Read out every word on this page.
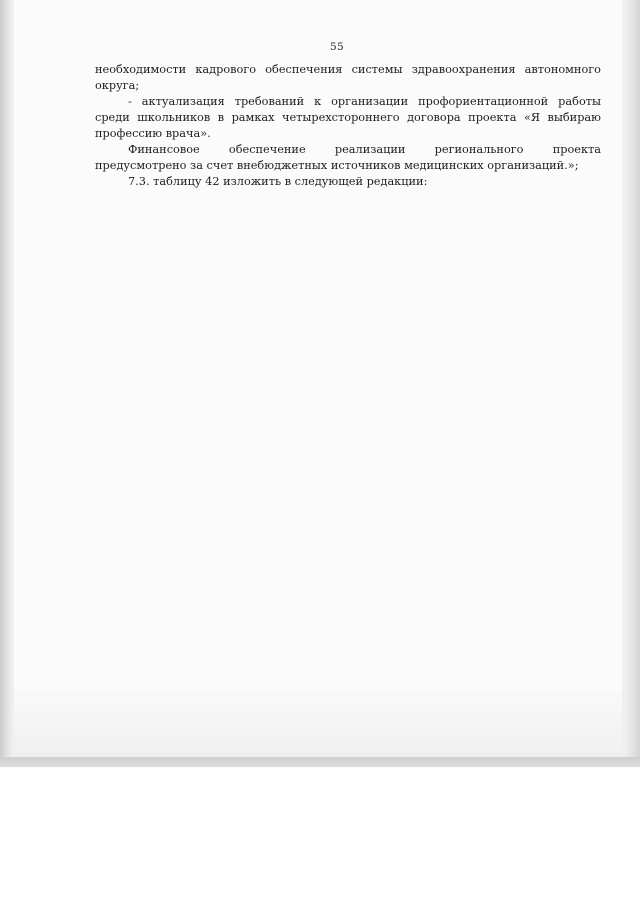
55

необходимости кадрового обеспечения системы здравоохранения автономного
округа;

- актуализация требований к организации профориентационной работы
среди школьников в рамках четырехстороннего договора проекта «Я выбираю
профессию врача».

Финансовое обеспечение реализации регионального проекта
предусмотрено за счет внебюджетных источников медицинских организаций.»;

7.3. таблицу 42 изложить в следующей редакции:
